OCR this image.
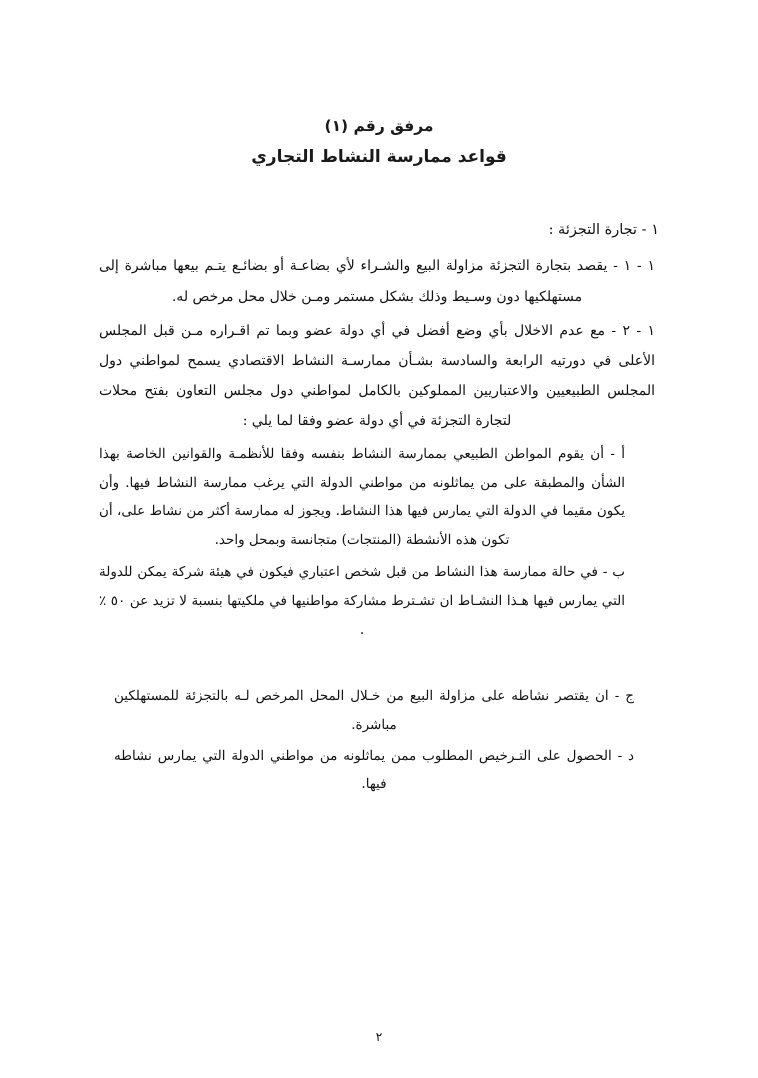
مرفق رقم (١)

قواعد ممارسة النشاط التجاري

١ - تجارة التجزئة :

١ - ١ - يقصد بتجارة التجزئة مزاولة البيع والشـراء لأي بضاعـة أو بضائـع يتـم بيعها مباشرة إلى مستهلكيها دون وسـيط وذلك بشكل مستمر ومـن خلال محل مرخص له.

١ - ٢ - مع عدم الاخلال بأي وضع أفضل في أي دولة عضو وبما تم اقـراره مـن قبل المجلس الأعلى في دورتيه الرابعة والسادسة بشـأن ممارسـة النشاط الاقتصادي يسمح لمواطني دول المجلس الطبيعيين والاعتباريين المملوكين بالكامل لمواطني دول مجلس التعاون بفتح محلات لتجارة التجزئة في أي دولة عضو وفقا لما يلي :

أ - أن يقوم المواطن الطبيعي بممارسة النشاط بنفسه وفقا للأنظمـة والقوانين الخاصة بهذا الشأن والمطبقة على من يماثلونه من مواطني الدولة التي يرغب ممارسة النشاط فيها. وأن يكون مقيما في الدولة التي يمارس فيها هذا النشاط. ويجوز له ممارسة أكثر من نشاط على، أن تكون هذه الأنشطة (المنتجات) متجانسة وبمحل واحد.

ب - في حالة ممارسة هذا النشاط من قبل شخص اعتباري فيكون في هيئة شركة يمكن للدولة التي يمارس فيها هـذا النشـاط ان تشـترط مشاركة مواطنيها في ملكيتها بنسبة لا تزيد عن ٥٠ ٪ .

ج - ان يقتصر نشاطه على مزاولة البيع من خـلال المحل المرخص لـه بالتجزئة للمستهلكين مباشرة.

د - الحصول على التـرخيص المطلوب ممن يماثلونه من مواطني الدولة التي يمارس نشاطه فيها.

٢
